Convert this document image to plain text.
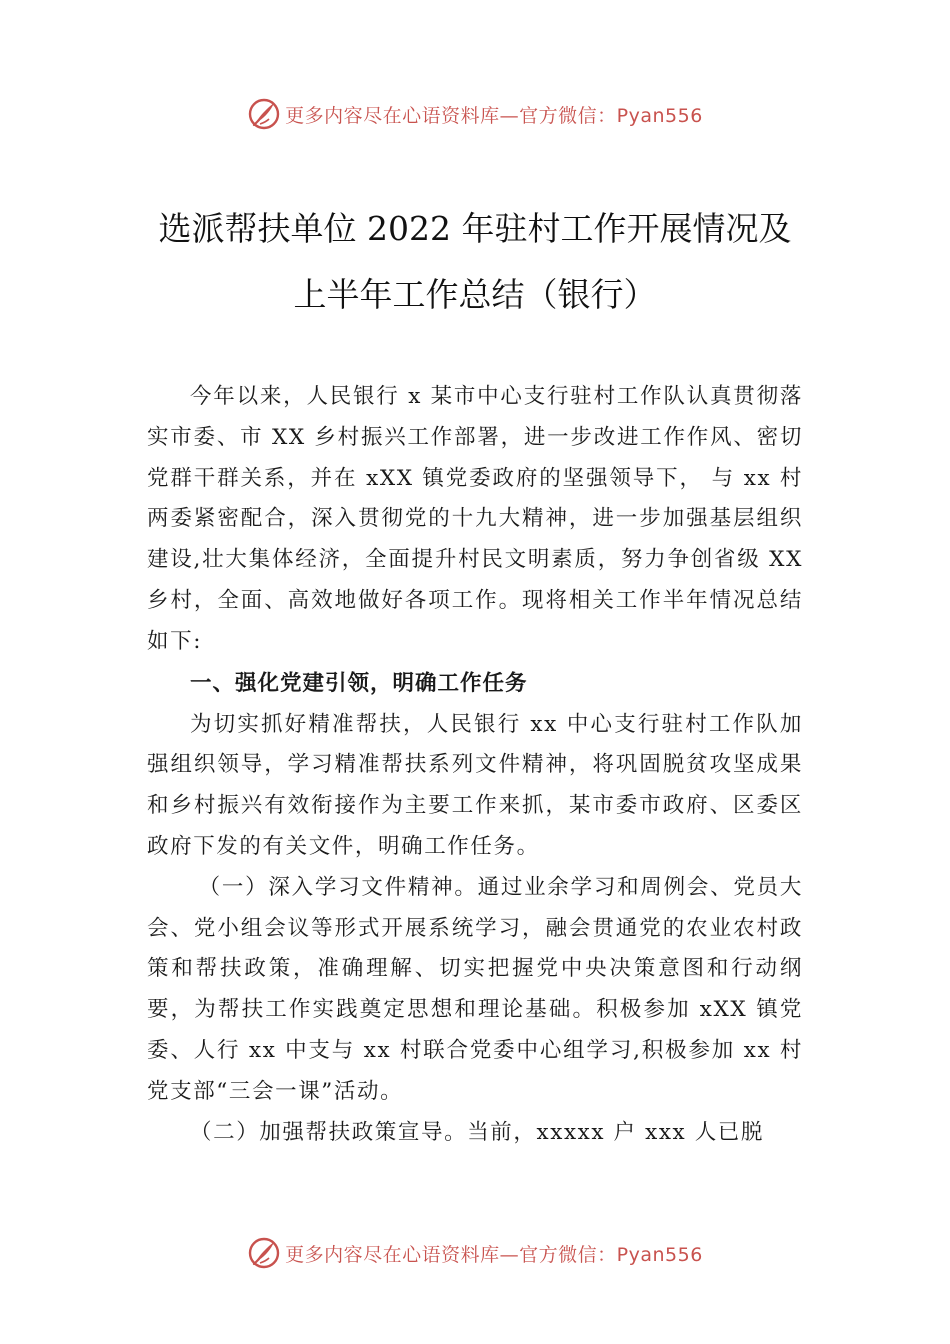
更多内容尽在心语资料库—官方微信：Pyan556

选派帮扶单位 2022 年驻村工作开展情况及

上半年工作总结（银行）

今年以来，人民银行 x 某市中心支行驻村工作队认真贯彻落实市委、市 XX 乡村振兴工作部署，进一步改进工作作风、密切党群干群关系，并在 xXX 镇党委政府的坚强领导下， 与 xx 村两委紧密配合，深入贯彻党的十九大精神，进一步加强基层组织建设,壮大集体经济，全面提升村民文明素质，努力争创省级 XX 乡村，全面、高效地做好各项工作。现将相关工作半年情况总结如下:

一、强化党建引领，明确工作任务

为切实抓好精准帮扶，人民银行 xx 中心支行驻村工作队加强组织领导，学习精准帮扶系列文件精神，将巩固脱贫攻坚成果和乡村振兴有效衔接作为主要工作来抓，某市委市政府、区委区政府下发的有关文件，明确工作任务。

（一）深入学习文件精神。通过业余学习和周例会、党员大会、党小组会议等形式开展系统学习，融会贯通党的农业农村政策和帮扶政策，准确理解、切实把握党中央决策意图和行动纲要，为帮扶工作实践奠定思想和理论基础。积极参加 xXX 镇党委、人行 xx 中支与 xx 村联合党委中心组学习,积极参加 xx 村党支部“三会一课”活动。

（二）加强帮扶政策宣导。当前，xxxxx 户 xxx 人已脱

更多内容尽在心语资料库—官方微信：Pyan556
